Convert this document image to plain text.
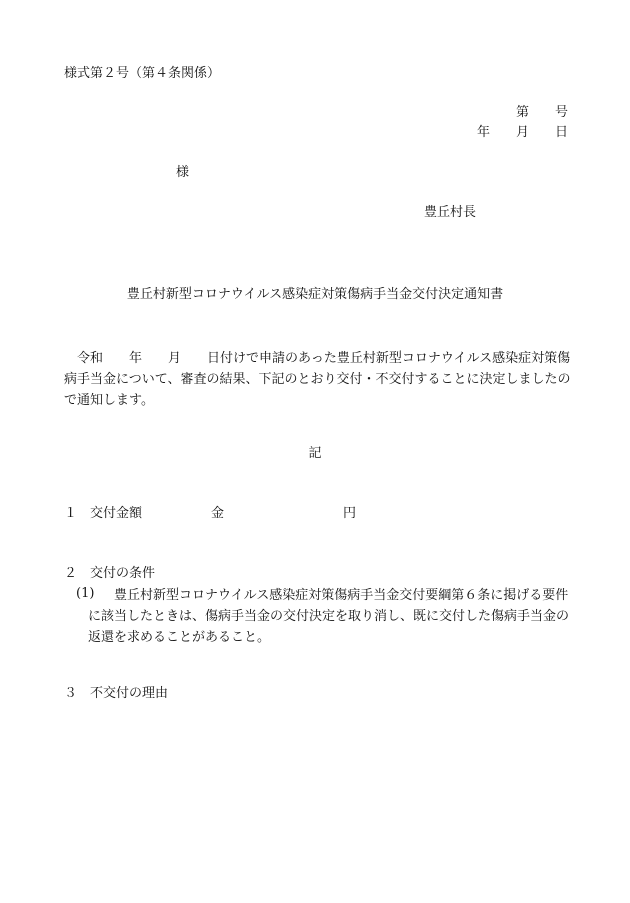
様式第２号（第４条関係）
第　　号
年　　月　　日
様
豊丘村長
豊丘村新型コロナウイルス感染症対策傷病手当金交付決定通知書
令和　　年　　月　　日付けで申請のあった豊丘村新型コロナウイルス感染症対策傷病手当金について、審査の結果、下記のとおり交付・不交付することに決定しましたので通知します。
記
１　交付金額	金	円
２　交付の条件
(1)	豊丘村新型コロナウイルス感染症対策傷病手当金交付要綱第６条に掲げる要件に該当したときは、傷病手当金の交付決定を取り消し、既に交付した傷病手当金の返還を求めることがあること。
３　不交付の理由
